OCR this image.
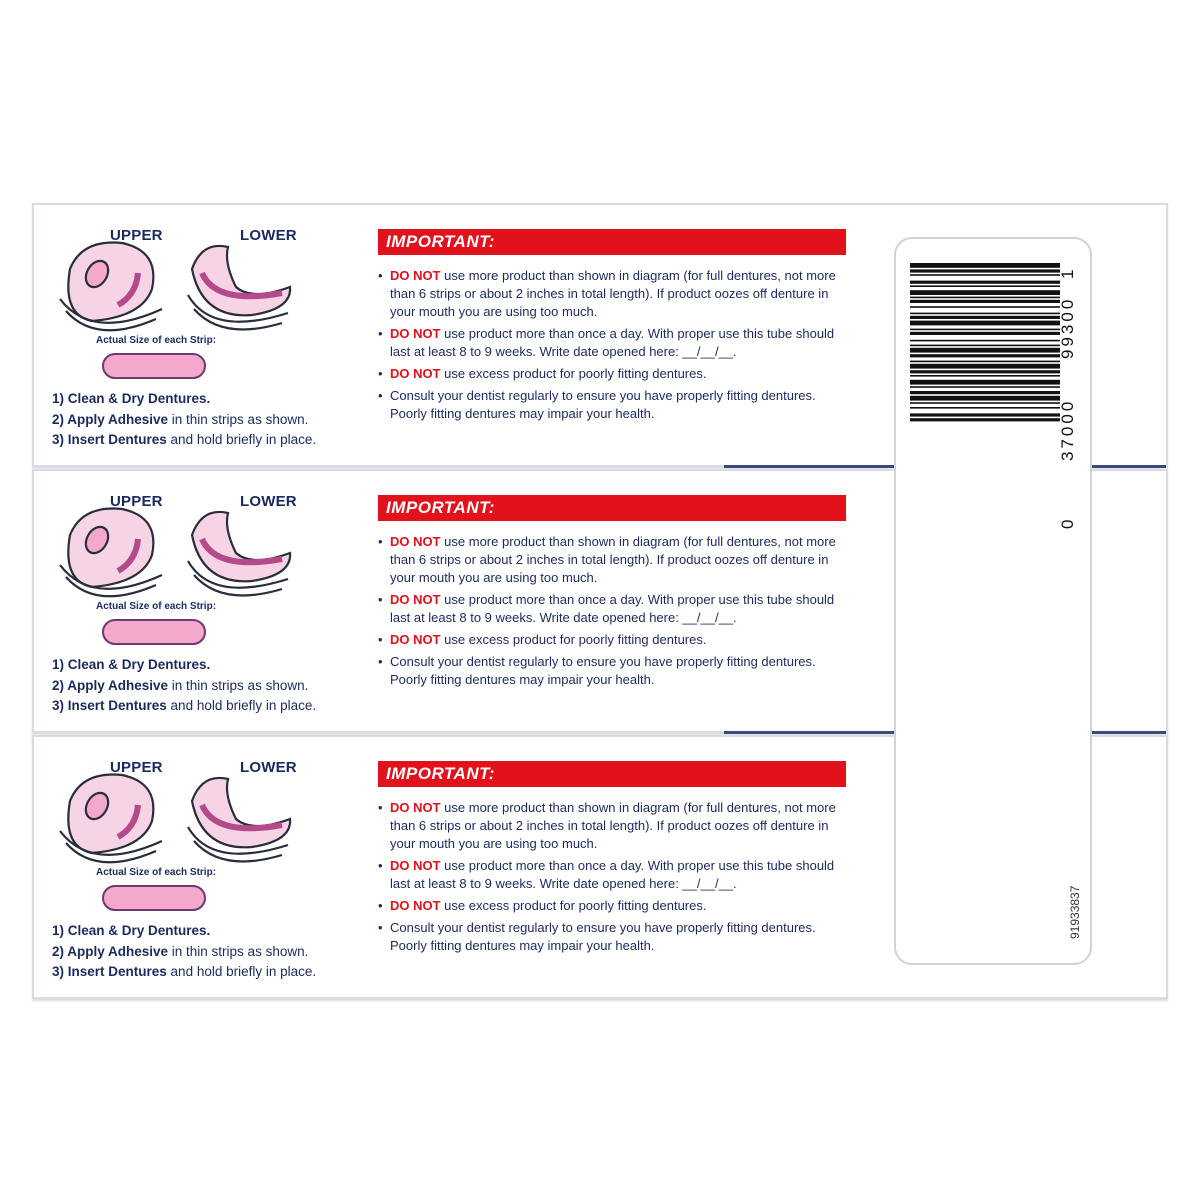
UPPER	LOWER
Actual Size of each Strip:
1) Clean & Dry Dentures.
2) Apply Adhesive in thin strips as shown.
3) Insert Dentures and hold briefly in place.
IMPORTANT:
• DO NOT use more product than shown in diagram (for full dentures, not more than 6 strips or about 2 inches in total length). If product oozes off denture in your mouth you are using too much.
• DO NOT use product more than once a day. With proper use this tube should last at least 8 to 9 weeks. Write date opened here: __/__/__.
• DO NOT use excess product for poorly fitting dentures.
• Consult your dentist regularly to ensure you have properly fitting dentures. Poorly fitting dentures may impair your health.
UPPER	LOWER
Actual Size of each Strip:
1) Clean & Dry Dentures.
2) Apply Adhesive in thin strips as shown.
3) Insert Dentures and hold briefly in place.
IMPORTANT:
• DO NOT use more product than shown in diagram (for full dentures, not more than 6 strips or about 2 inches in total length). If product oozes off denture in your mouth you are using too much.
• DO NOT use product more than once a day. With proper use this tube should last at least 8 to 9 weeks. Write date opened here: __/__/__.
• DO NOT use excess product for poorly fitting dentures.
• Consult your dentist regularly to ensure you have properly fitting dentures. Poorly fitting dentures may impair your health.
UPPER	LOWER
Actual Size of each Strip:
1) Clean & Dry Dentures.
2) Apply Adhesive in thin strips as shown.
3) Insert Dentures and hold briefly in place.
IMPORTANT:
• DO NOT use more product than shown in diagram (for full dentures, not more than 6 strips or about 2 inches in total length). If product oozes off denture in your mouth you are using too much.
• DO NOT use product more than once a day. With proper use this tube should last at least 8 to 9 weeks. Write date opened here: __/__/__.
• DO NOT use excess product for poorly fitting dentures.
• Consult your dentist regularly to ensure you have properly fitting dentures. Poorly fitting dentures may impair your health.
0
37000
99300
1
91933837
